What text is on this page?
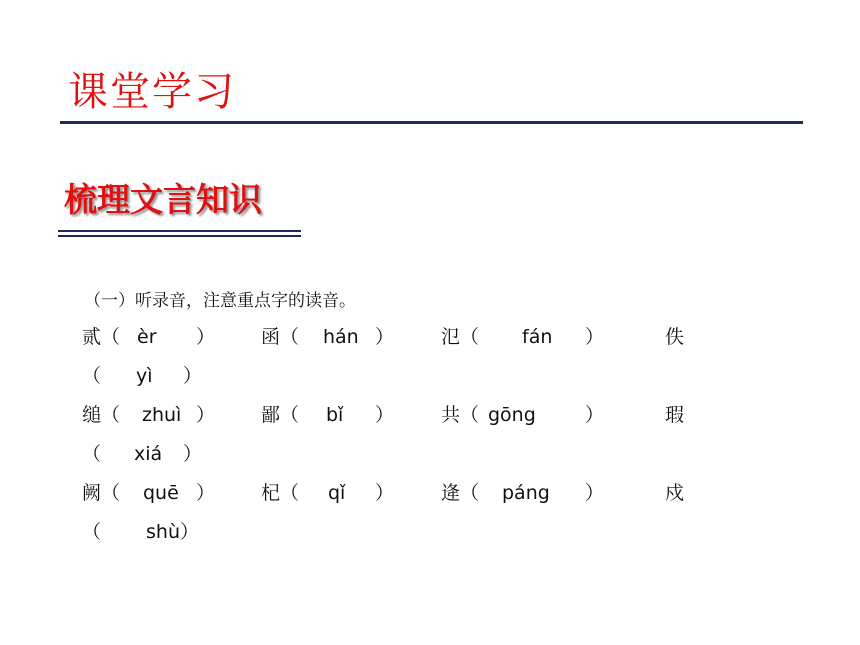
课堂学习
梳理文言知识
（一）听录音，注意重点字的读音。
贰（ èr ） 函（ hán ） 氾（ fán ）	佚
（ yì ）
缒（ zhuì ） 鄙（ bǐ ） 共（ gōng	）	瑕
（ xiá ）
阙（ quē ） 杞（ qǐ ） 逄（ páng ）	戍
（ shù）
